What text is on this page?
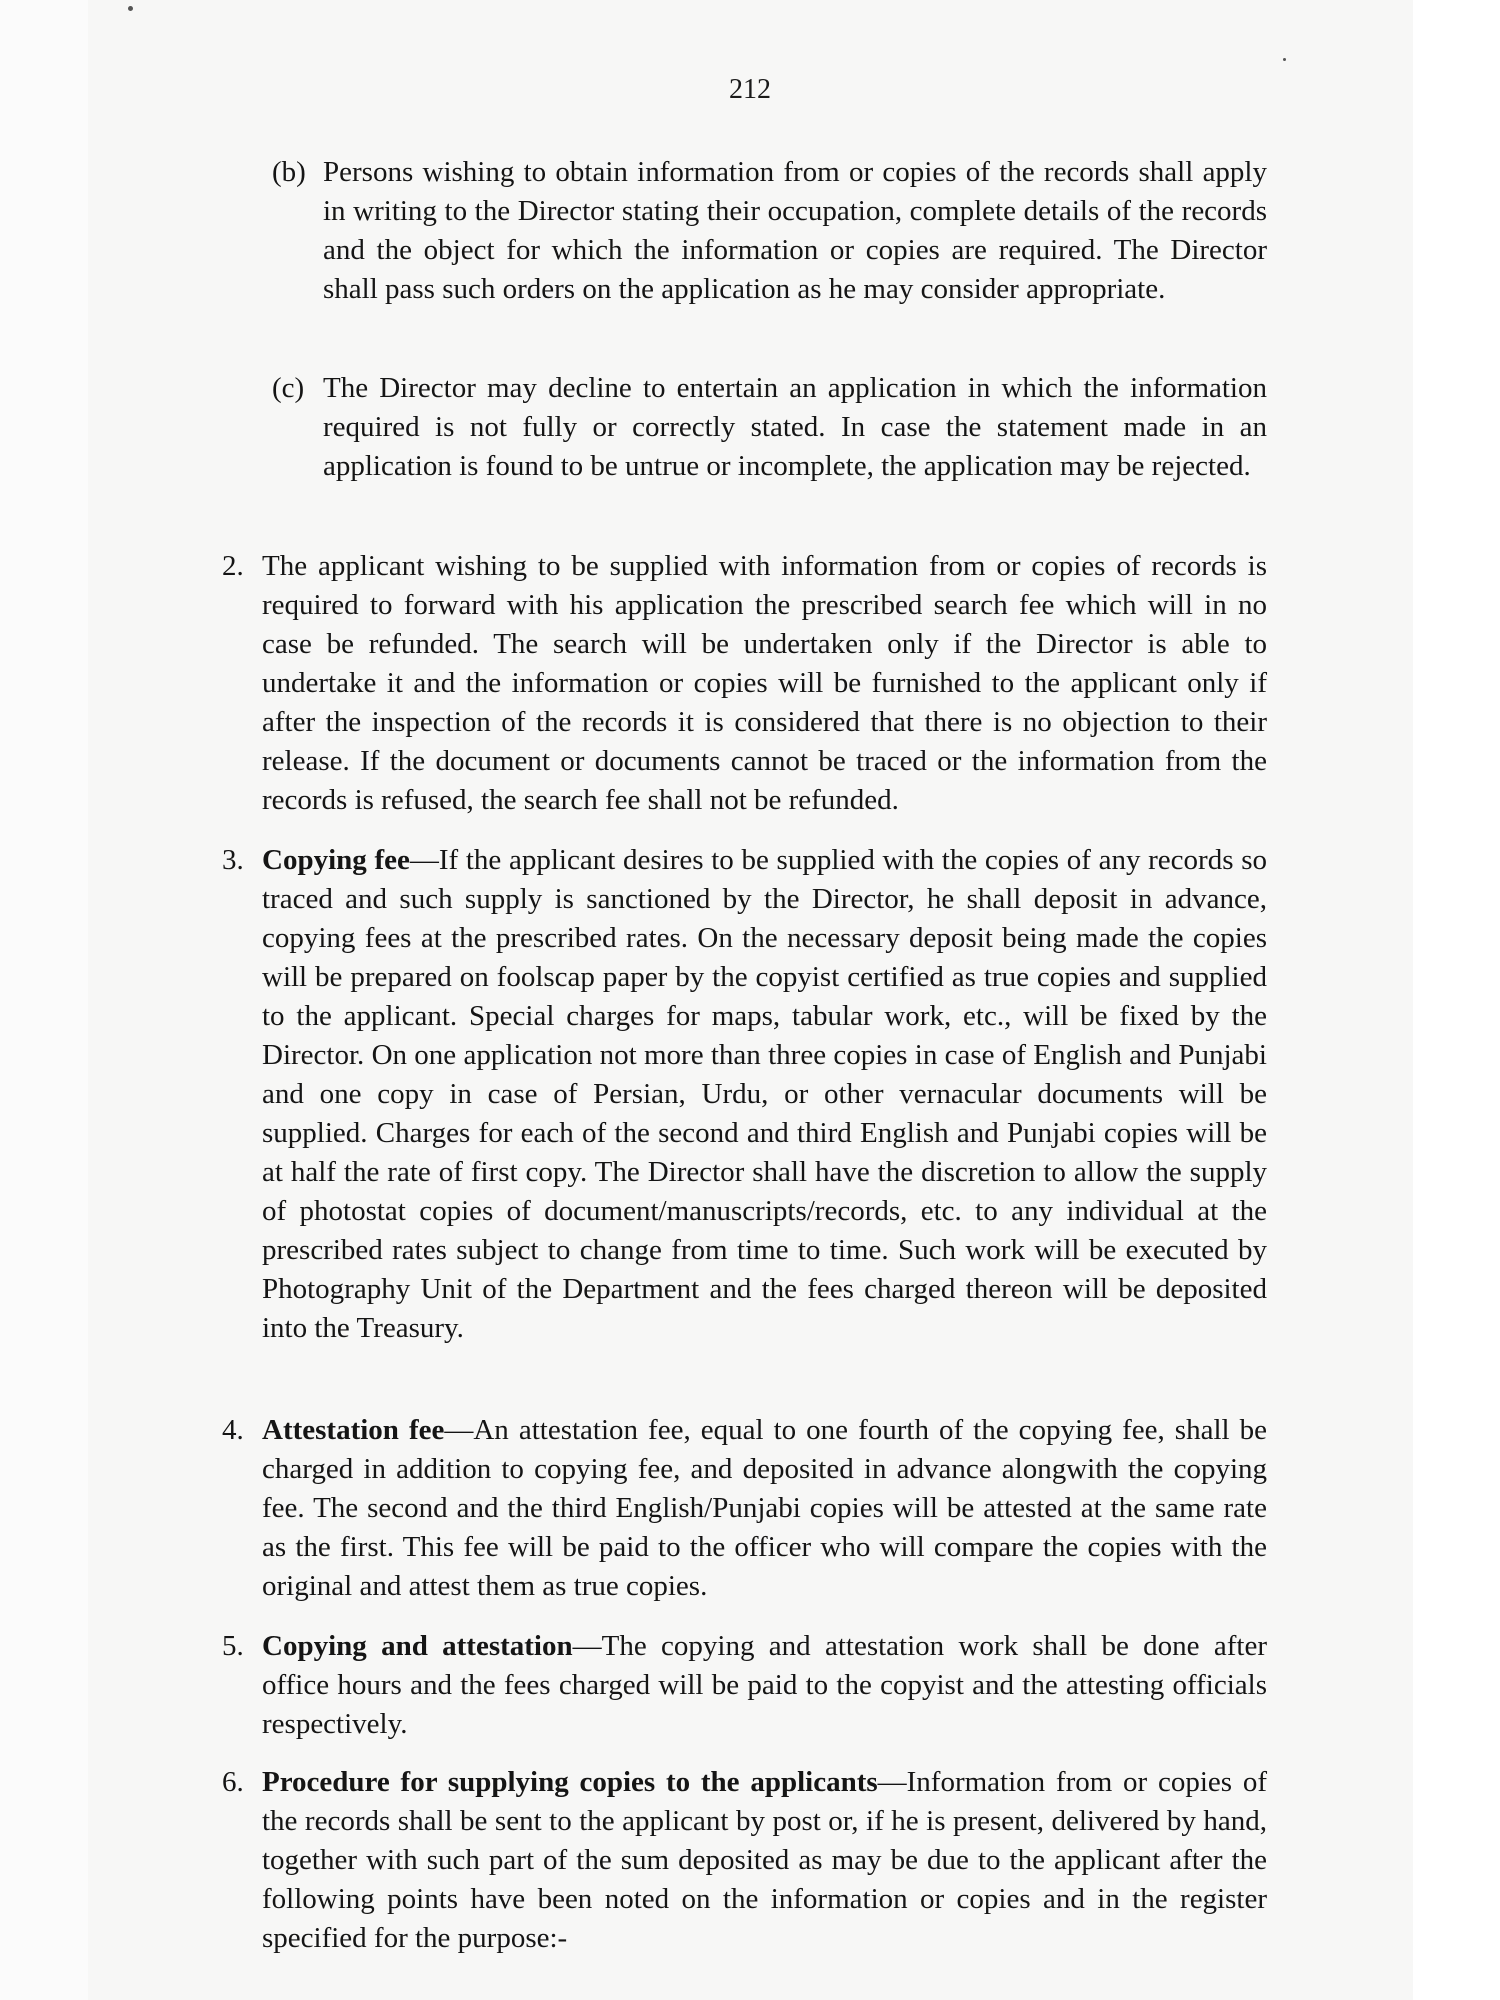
212
(b) Persons wishing to obtain information from or copies of the records shall apply in writing to the Director stating their occupation, complete details of the records and the object for which the information or copies are required. The Director shall pass such orders on the application as he may consider appropriate.
(c) The Director may decline to entertain an application in which the information required is not fully or correctly stated. In case the statement made in an application is found to be untrue or incomplete, the application may be rejected.
2. The applicant wishing to be supplied with information from or copies of records is required to forward with his application the prescribed search fee which will in no case be refunded. The search will be undertaken only if the Director is able to undertake it and the information or copies will be furnished to the applicant only if after the inspection of the records it is considered that there is no objection to their release. If the document or documents cannot be traced or the information from the records is refused, the search fee shall not be refunded.
3. Copying fee—If the applicant desires to be supplied with the copies of any records so traced and such supply is sanctioned by the Director, he shall deposit in advance, copying fees at the prescribed rates. On the necessary deposit being made the copies will be prepared on foolscap paper by the copyist certified as true copies and supplied to the applicant. Special charges for maps, tabular work, etc., will be fixed by the Director. On one application not more than three copies in case of English and Punjabi and one copy in case of Persian, Urdu, or other vernacular documents will be supplied. Charges for each of the second and third English and Punjabi copies will be at half the rate of first copy. The Director shall have the discretion to allow the supply of photostat copies of document/manuscripts/records, etc. to any individual at the prescribed rates subject to change from time to time. Such work will be executed by Photography Unit of the Department and the fees charged thereon will be deposited into the Treasury.
4. Attestation fee—An attestation fee, equal to one fourth of the copying fee, shall be charged in addition to copying fee, and deposited in advance alongwith the copying fee. The second and the third English/Punjabi copies will be attested at the same rate as the first. This fee will be paid to the officer who will compare the copies with the original and attest them as true copies.
5. Copying and attestation—The copying and attestation work shall be done after office hours and the fees charged will be paid to the copyist and the attesting officials respectively.
6. Procedure for supplying copies to the applicants—Information from or copies of the records shall be sent to the applicant by post or, if he is present, delivered by hand, together with such part of the sum deposited as may be due to the applicant after the following points have been noted on the information or copies and in the register specified for the purpose:-
